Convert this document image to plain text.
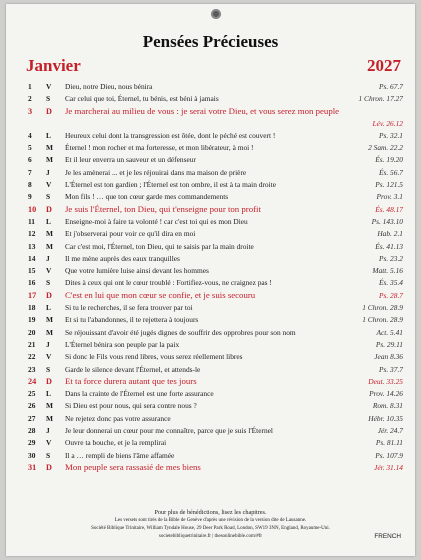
Pensées Précieuses
Janvier	2027
1	V Dieu, notre Dieu, nous bénira	Ps. 67.7
2	S Car celui que toi, Éternel, tu bénis, est béni à jamais	1 Chron. 17.27
3	D Je marcherai au milieu de vous : je serai votre Dieu, et vous serez mon peuple
Lév. 26.12
4	L Heureux celui dont la transgression est ôtée, dont le péché est couvert !	Ps. 32.1
5	M Éternel ! mon rocher et ma forteresse, et mon libérateur, à moi !	2 Sam. 22.2
6	M Et il leur enverra un sauveur et un défenseur	És. 19.20
7	J Je les amènerai ... et je les réjouirai dans ma maison de prière	És. 56.7
8	V L'Éternel est ton gardien ; l'Éternel est ton ombre, il est à ta main droite	Ps. 121.5
9	S Mon fils ! … que ton cœur garde mes commandements	Prov. 3.1
10	D Je suis l'Éternel, ton Dieu, qui t'enseigne pour ton profit	És. 48.17
11	L Enseigne-moi à faire ta volonté ! car c'est toi qui es mon Dieu	Ps. 143.10
12	M Et j'observerai pour voir ce qu'il dira en moi	Hab. 2.1
13	M Car c'est moi, l'Éternel, ton Dieu, qui te saisis par la main droite	És. 41.13
14	J Il me mène auprès des eaux tranquilles	Ps. 23.2
15	V Que votre lumière luise ainsi devant les hommes	Matt. 5.16
16	S Dites à ceux qui ont le cœur troublé : Fortifiez-vous, ne craignez pas !	És. 35.4
17	D C'est en lui que mon cœur se confie, et je suis secouru	Ps. 28.7
18	L Si tu le recherches, il se fera trouver par toi	1 Chron. 28.9
19	M Et si tu l'abandonnes, il te rejettera à toujours	1 Chron. 28.9
20	M Se réjouissant d'avoir été jugés dignes de souffrir des opprobres pour son nom	Act. 5.41
21	J L'Éternel bénira son peuple par la paix	Ps. 29.11
22	V Si donc le Fils vous rend libres, vous serez réellement libres	Jean 8.36
23	S Garde le silence devant l'Éternel, et attends-le	Ps. 37.7
24	D Et ta force durera autant que tes jours	Deut. 33.25
25	L Dans la crainte de l'Éternel est une forte assurance	Prov. 14.26
26	M Si Dieu est pour nous, qui sera contre nous ?	Rom. 8.31
27	M Ne rejetez donc pas votre assurance	Hébr. 10.35
28	J Je leur donnerai un cœur pour me connaître, parce que je suis l'Éternel	Jér. 24.7
29	V Ouvre ta bouche, et je la remplirai	Ps. 81.11
30	S Il a … rempli de biens l'âme affamée	Ps. 107.9
31	D Mon peuple sera rassasié de mes biens	Jér. 31.14
Pour plus de bénédictions, lisez les chapitres.
Les versets sont tirés de la Bible de Genève d'après une révision de la version dite de Lausanne.
Société Biblique Trinitaire, William Tyndale House, 29 Deer Park Road, London, SW19 3NN, England, Royaume-Uni.
societebibliquetrinitaire.fr | thesonlinebible.com/#fr	FRENCH
